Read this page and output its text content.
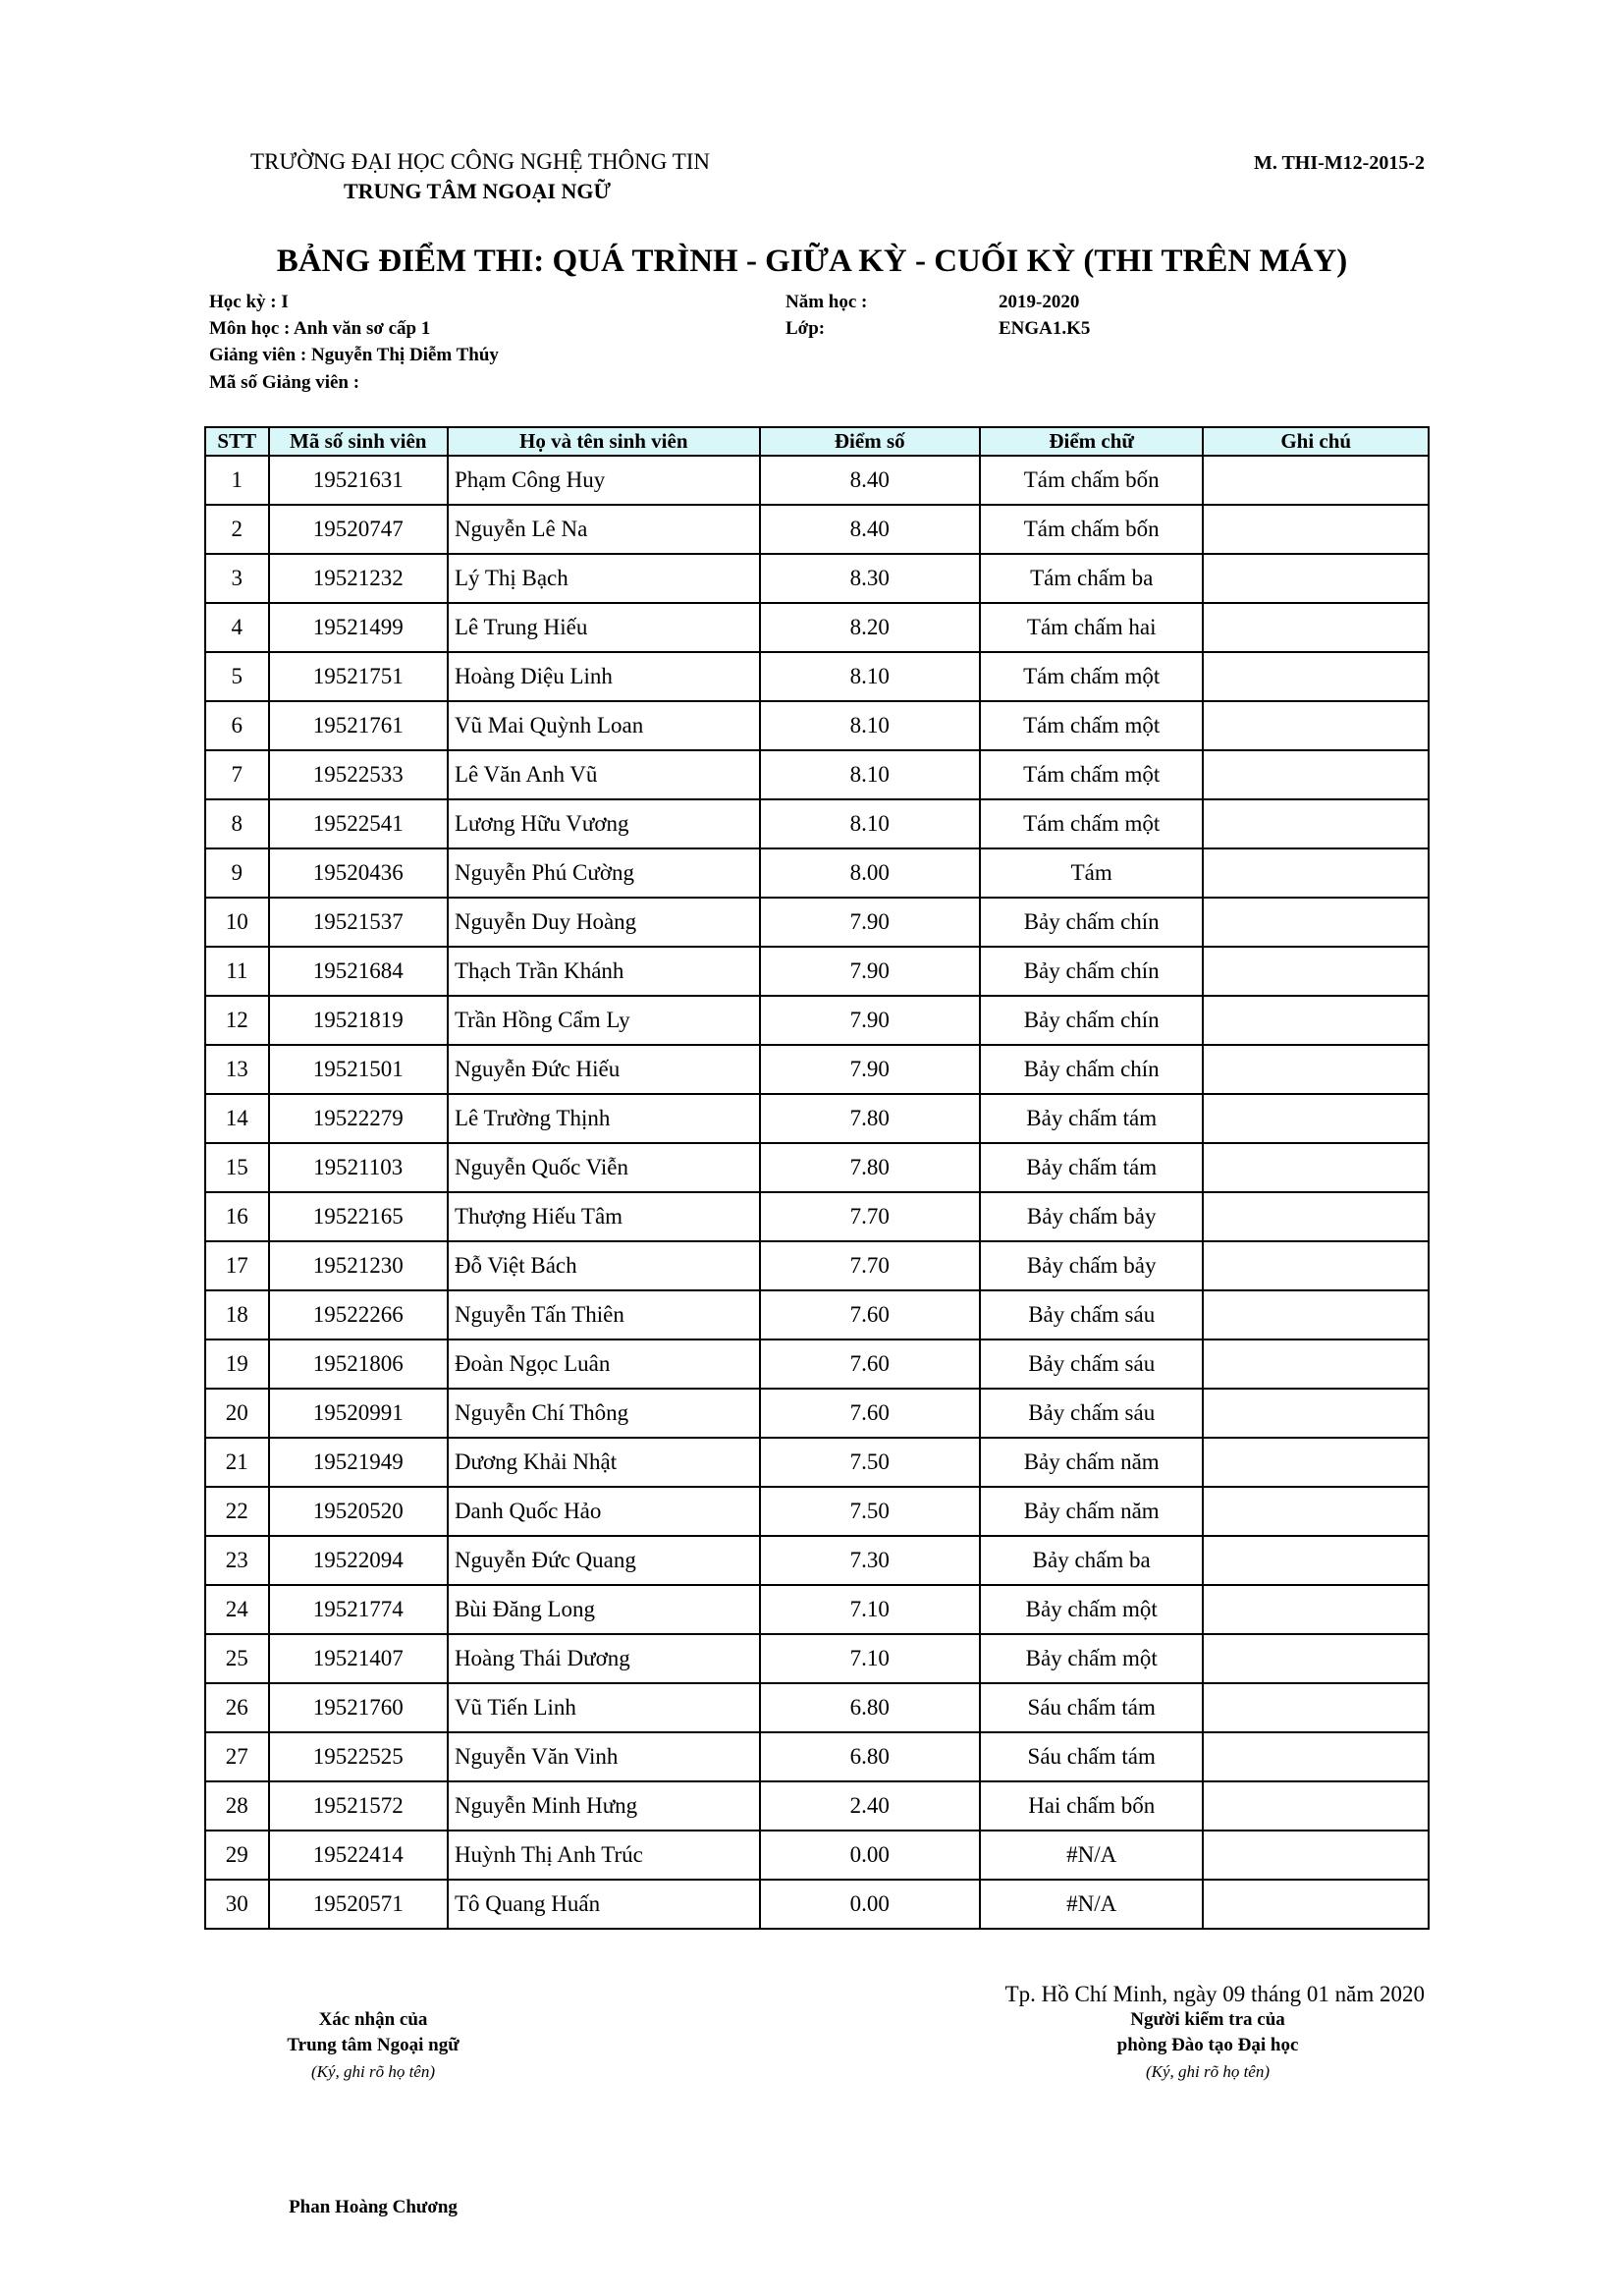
TRƯỜNG ĐẠI HỌC CÔNG NGHỆ THÔNG TIN
TRUNG TÂM NGOẠI NGỮ
M. THI-M12-2015-2
BẢNG ĐIỂM THI: QUÁ TRÌNH - GIỮA KỲ - CUỐI KỲ (THI TRÊN MÁY)
Học kỳ : I
Môn học : Anh văn sơ cấp 1
Giảng viên : Nguyễn Thị Diễm Thúy
Mã số Giảng viên :
Năm học :	2019-2020
Lớp:	ENGA1.K5
STT	Mã số sinh viên	Họ và tên sinh viên	Điểm số	Điểm chữ	Ghi chú
1	19521631	Phạm Công Huy	8.40	Tám chấm bốn	
2	19520747	Nguyễn Lê Na	8.40	Tám chấm bốn	
3	19521232	Lý Thị Bạch	8.30	Tám chấm ba	
4	19521499	Lê Trung Hiếu	8.20	Tám chấm hai	
5	19521751	Hoàng Diệu Linh	8.10	Tám chấm một	
6	19521761	Vũ Mai Quỳnh Loan	8.10	Tám chấm một	
7	19522533	Lê Văn Anh Vũ	8.10	Tám chấm một	
8	19522541	Lương Hữu Vương	8.10	Tám chấm một	
9	19520436	Nguyễn Phú Cường	8.00	Tám	
10	19521537	Nguyễn Duy Hoàng	7.90	Bảy chấm chín	
11	19521684	Thạch Trần Khánh	7.90	Bảy chấm chín	
12	19521819	Trần Hồng Cẩm Ly	7.90	Bảy chấm chín	
13	19521501	Nguyễn Đức Hiếu	7.90	Bảy chấm chín	
14	19522279	Lê Trường Thịnh	7.80	Bảy chấm tám	
15	19521103	Nguyễn Quốc Viễn	7.80	Bảy chấm tám	
16	19522165	Thượng Hiếu Tâm	7.70	Bảy chấm bảy	
17	19521230	Đỗ Việt Bách	7.70	Bảy chấm bảy	
18	19522266	Nguyễn Tấn Thiên	7.60	Bảy chấm sáu	
19	19521806	Đoàn Ngọc Luân	7.60	Bảy chấm sáu	
20	19520991	Nguyễn Chí Thông	7.60	Bảy chấm sáu	
21	19521949	Dương Khải Nhật	7.50	Bảy chấm năm	
22	19520520	Danh Quốc Hảo	7.50	Bảy chấm năm	
23	19522094	Nguyễn Đức Quang	7.30	Bảy chấm ba	
24	19521774	Bùi Đăng Long	7.10	Bảy chấm một	
25	19521407	Hoàng Thái Dương	7.10	Bảy chấm một	
26	19521760	Vũ Tiến Linh	6.80	Sáu chấm tám	
27	19522525	Nguyễn Văn Vinh	6.80	Sáu chấm tám	
28	19521572	Nguyễn Minh Hưng	2.40	Hai chấm bốn	
29	19522414	Huỳnh Thị Anh Trúc	0.00	#N/A	
30	19520571	Tô Quang Huấn	0.00	#N/A	
Tp. Hồ Chí Minh, ngày 09 tháng 01 năm 2020
Xác nhận của
Trung tâm Ngoại ngữ
(Ký, ghi rõ họ tên)
Người kiểm tra của
phòng Đào tạo Đại học
(Ký, ghi rõ họ tên)
Phan Hoàng Chương
